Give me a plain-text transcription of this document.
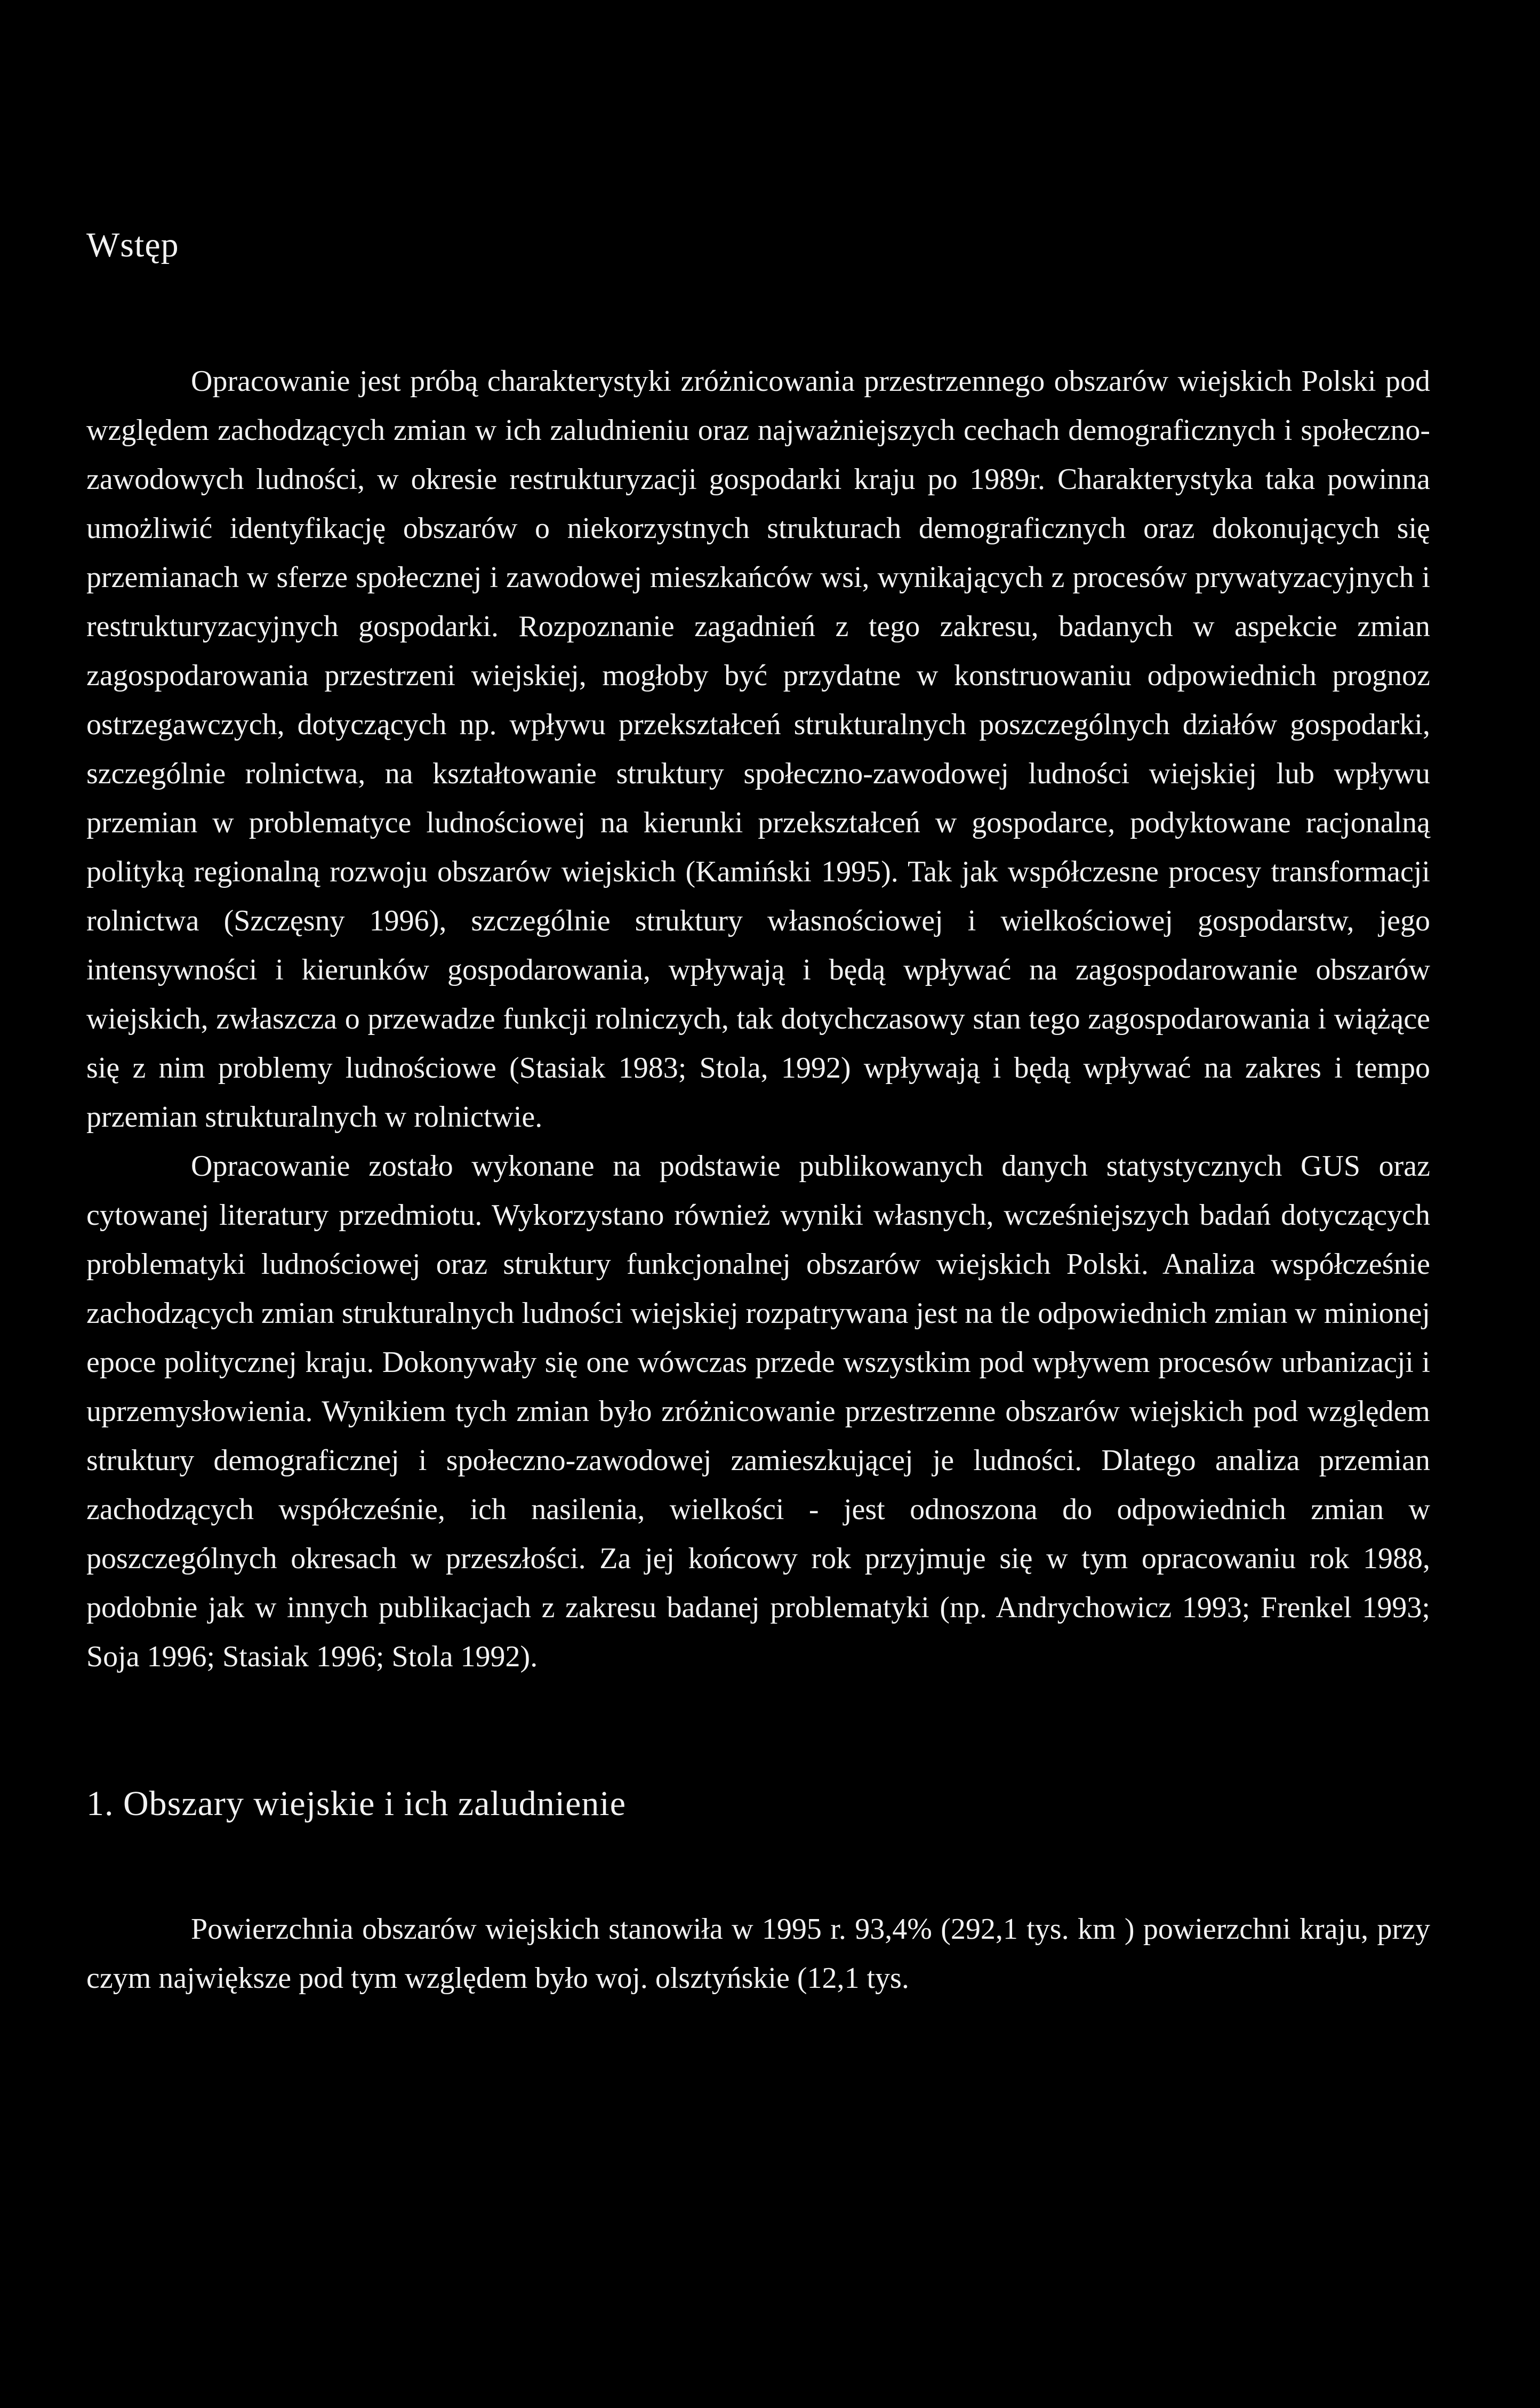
Wstęp

Opracowanie jest próbą charakterystyki zróżnicowania przestrzennego obszarów wiejskich Polski pod względem zachodzących zmian w ich zaludnieniu oraz najważniejszych cechach demograficznych i społeczno-zawodowych ludności, w okresie restrukturyzacji gospodarki kraju po 1989r. Charakterystyka taka powinna umożliwić identyfikację obszarów o niekorzystnych strukturach demograficznych oraz dokonujących się przemianach w sferze społecznej i zawodowej mieszkańców wsi, wynikających z procesów prywatyzacyjnych i restrukturyzacyjnych gospodarki. Rozpoznanie zagadnień z tego zakresu, badanych w aspekcie zmian zagospodarowania przestrzeni wiejskiej, mogłoby być przydatne w konstruowaniu odpowiednich prognoz ostrzegawczych, dotyczących np. wpływu przekształceń strukturalnych poszczególnych działów gospodarki, szczególnie rolnictwa, na kształtowanie struktury społeczno-zawodowej ludności wiejskiej lub wpływu przemian w problematyce ludnościowej na kierunki przekształceń w gospodarce, podyktowane racjonalną polityką regionalną rozwoju obszarów wiejskich (Kamiński 1995). Tak jak współczesne procesy transformacji rolnictwa (Szczęsny 1996), szczególnie struktury własnościowej i wielkościowej gospodarstw, jego intensywności i kierunków gospodarowania, wpływają i będą wpływać na zagospodarowanie obszarów wiejskich, zwłaszcza o przewadze funkcji rolniczych, tak dotychczasowy stan tego zagospodarowania i wiążące się z nim problemy ludnościowe (Stasiak 1983; Stola, 1992) wpływają i będą wpływać na zakres i tempo przemian strukturalnych w rolnictwie.

Opracowanie zostało wykonane na podstawie publikowanych danych statystycznych GUS oraz cytowanej literatury przedmiotu. Wykorzystano również wyniki własnych, wcześniejszych badań dotyczących problematyki ludnościowej oraz struktury funkcjonalnej obszarów wiejskich Polski. Analiza współcześnie zachodzących zmian strukturalnych ludności wiejskiej rozpatrywana jest na tle odpowiednich zmian w minionej epoce politycznej kraju. Dokonywały się one wówczas przede wszystkim pod wpływem procesów urbanizacji i uprzemysłowienia. Wynikiem tych zmian było zróżnicowanie przestrzenne obszarów wiejskich pod względem struktury demograficznej i społeczno-zawodowej zamieszkującej je ludności. Dlatego analiza przemian zachodzących współcześnie, ich nasilenia, wielkości - jest odnoszona do odpowiednich zmian w poszczególnych okresach w przeszłości. Za jej końcowy rok przyjmuje się w tym opracowaniu rok 1988, podobnie jak w innych publikacjach z zakresu badanej problematyki (np. Andrychowicz 1993; Frenkel 1993; Soja 1996; Stasiak 1996; Stola 1992).

1. Obszary wiejskie i ich zaludnienie

Powierzchnia obszarów wiejskich stanowiła w 1995 r. 93,4% (292,1 tys. km ) powierzchni kraju, przy czym największe pod tym względem było woj. olsztyńskie (12,1 tys.
